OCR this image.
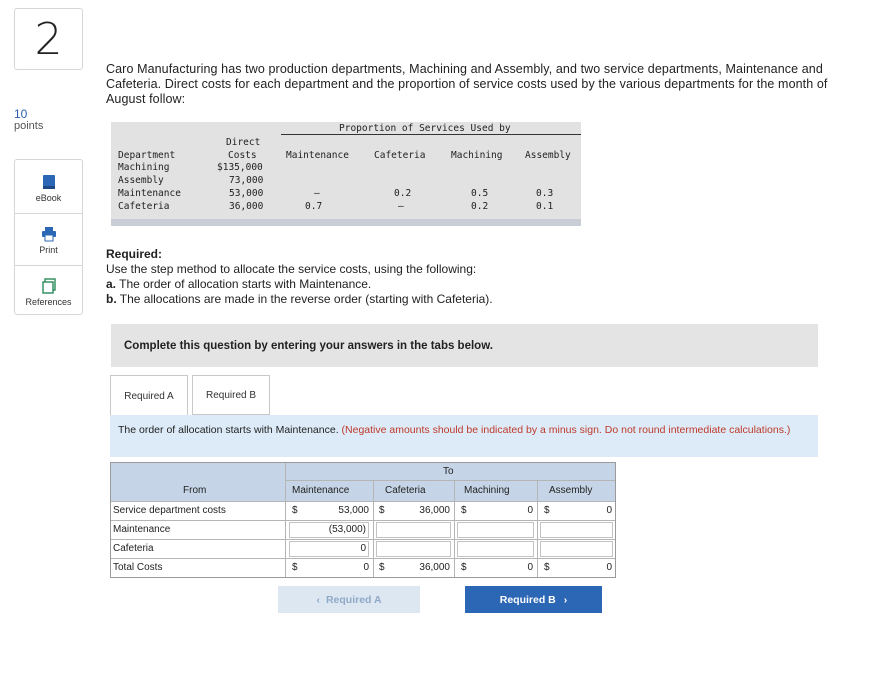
2
10
points
eBook
Print
References
Caro Manufacturing has two production departments, Machining and Assembly, and two service departments, Maintenance and Cafeteria. Direct costs for each department and the proportion of service costs used by the various departments for the month of August follow:
Proportion of Services Used by
Direct
Department	Costs	Maintenance	Cafeteria	Machining Assembly
Machining	$135,000
Assembly	73,000
Maintenance	53,000	–	0.2	0.5	0.3
Cafeteria	36,000	0.7	–	0.2	0.1
Required:
Use the step method to allocate the service costs, using the following:
a. The order of allocation starts with Maintenance.
b. The allocations are made in the reverse order (starting with Cafeteria).
Complete this question by entering your answers in the tabs below.
Required A	Required B
The order of allocation starts with Maintenance. (Negative amounts should be indicated by a minus sign. Do not round intermediate calculations.)
To
From	Maintenance	Cafeteria	Machining	Assembly
Service department costs	$	53,000 $	36,000 $	0 $	0
Maintenance	(53,000)
Cafeteria	0
Total Costs	$	0 $	36,000 $	0 $	0
‹ Required A	Required B ›
